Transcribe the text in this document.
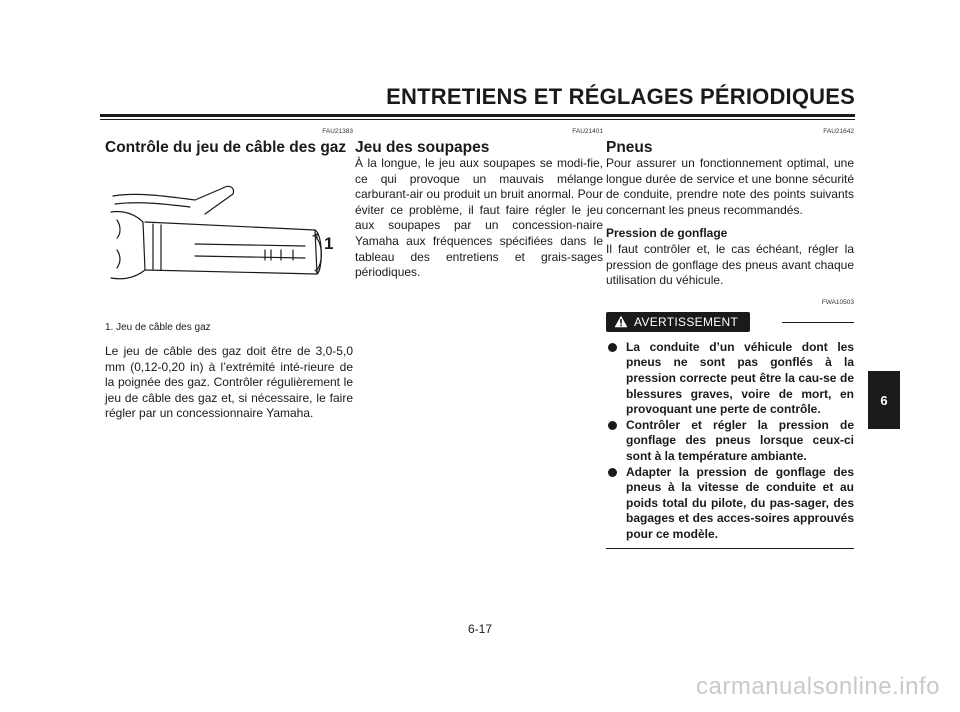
ENTRETIENS ET RÉGLAGES PÉRIODIQUES
FAU21383
Contrôle du jeu de câble des gaz
1
1. Jeu de câble des gaz

Le jeu de câble des gaz doit être de 3,0-5,0 mm (0,12-0,20 in) à l’extrémité inté-rieure de la poignée des gaz. Contrôler régulièrement le jeu de câble des gaz et, si nécessaire, le faire régler par un concessionnaire Yamaha.

FAU21401
Jeu des soupapes

À la longue, le jeu aux soupapes se modi-fie, ce qui provoque un mauvais mélange carburant-air ou produit un bruit anormal. Pour éviter ce problème, il faut faire régler le jeu aux soupapes par un concession-naire Yamaha aux fréquences spécifiées dans le tableau des entretiens et grais-sages périodiques.

FAU21642
Pneus

Pour assurer un fonctionnement optimal, une longue durée de service et une bonne sécurité de conduite, prendre note des points suivants concernant les pneus recommandés.

Pression de gonflage

Il faut contrôler et, le cas échéant, régler la pression de gonflage des pneus avant chaque utilisation du véhicule.

FWA10503
AVERTISSEMENT
La conduite d’un véhicule dont les pneus ne sont pas gonflés à la pression correcte peut être la cau-se de blessures graves, voire de mort, en provoquant une perte de contrôle.
Contrôler et régler la pression de gonflage des pneus lorsque ceux-ci sont à la température ambiante.
Adapter la pression de gonflage des pneus à la vitesse de conduite et au poids total du pilote, du pas-sager, des bagages et des acces-soires approuvés pour ce modèle.
6
6-17
carmanualsonline.info
